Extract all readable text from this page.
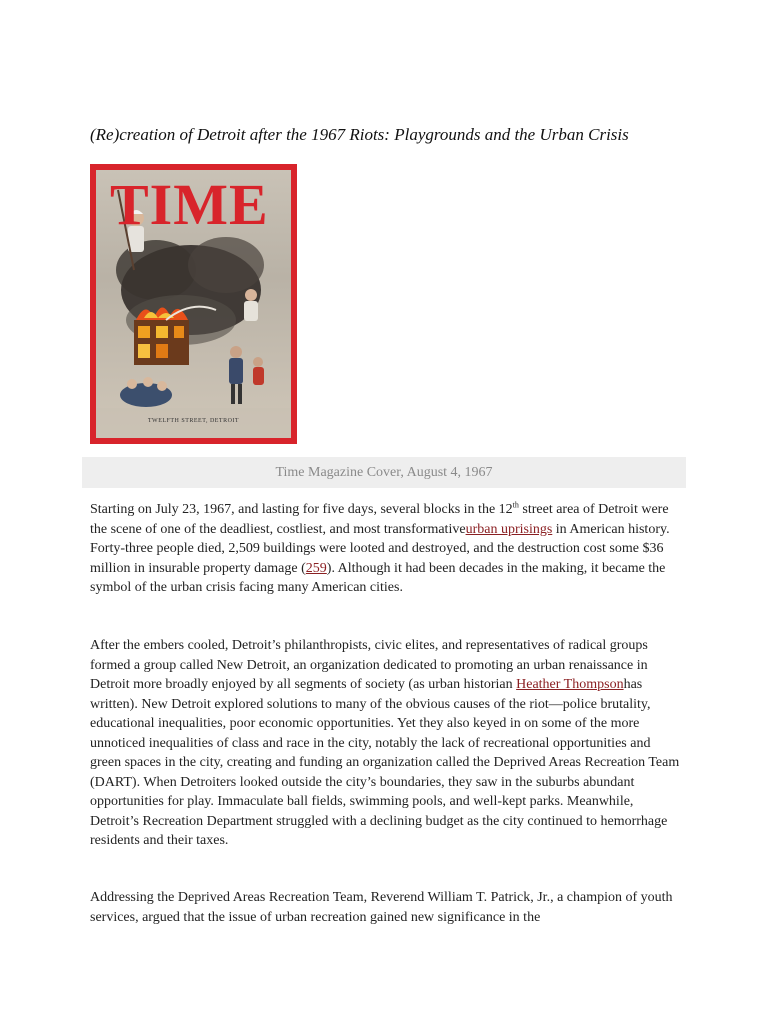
(Re)creation of Detroit after the 1967 Riots: Playgrounds and the Urban Crisis
TIME
TWELFTH STREET, DETROIT
Time Magazine Cover, August 4, 1967

Starting on July 23, 1967, and lasting for five days, several blocks in the 12th street area of Detroit were the scene of one of the deadliest, costliest, and most transformativeurban uprisings in American history. Forty-three people died, 2,509 buildings were looted and destroyed, and the destruction cost some $36 million in insurable property damage (259). Although it had been decades in the making, it became the symbol of the urban crisis facing many American cities.

After the embers cooled, Detroit’s philanthropists, civic elites, and representatives of radical groups formed a group called New Detroit, an organization dedicated to promoting an urban renaissance in Detroit more broadly enjoyed by all segments of society (as urban historian Heather Thompsonhas written). New Detroit explored solutions to many of the obvious causes of the riot—police brutality, educational inequalities, poor economic opportunities. Yet they also keyed in on some of the more unnoticed inequalities of class and race in the city, notably the lack of recreational opportunities and green spaces in the city, creating and funding an organization called the Deprived Areas Recreation Team (DART). When Detroiters looked outside the city’s boundaries, they saw in the suburbs abundant opportunities for play. Immaculate ball fields, swimming pools, and well-kept parks. Meanwhile, Detroit’s Recreation Department struggled with a declining budget as the city continued to hemorrhage residents and their taxes.

Addressing the Deprived Areas Recreation Team, Reverend William T. Patrick, Jr., a champion of youth services, argued that the issue of urban recreation gained new significance in the
